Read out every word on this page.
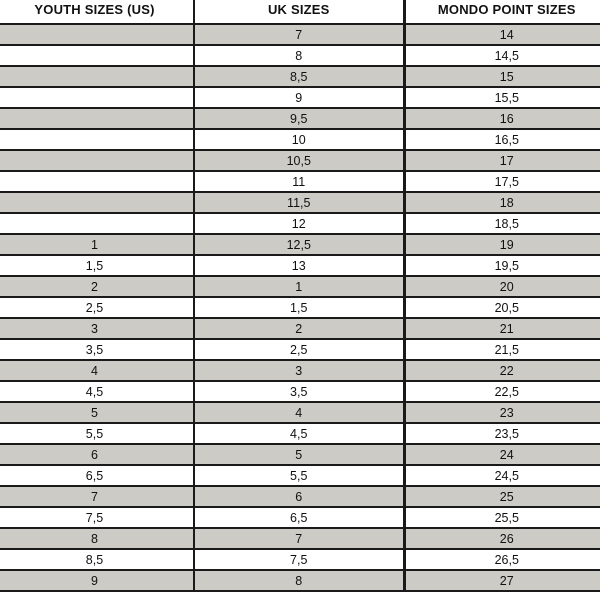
YOUTH SIZES (US)	UK SIZES	MONDO POINT SIZES
	7	14
	8	14,5
	8,5	15
	9	15,5
	9,5	16
	10	16,5
	10,5	17
	11	17,5
	11,5	18
	12	18,5
1	12,5	19
1,5	13	19,5
2	1	20
2,5	1,5	20,5
3	2	21
3,5	2,5	21,5
4	3	22
4,5	3,5	22,5
5	4	23
5,5	4,5	23,5
6	5	24
6,5	5,5	24,5
7	6	25
7,5	6,5	25,5
8	7	26
8,5	7,5	26,5
9	8	27
